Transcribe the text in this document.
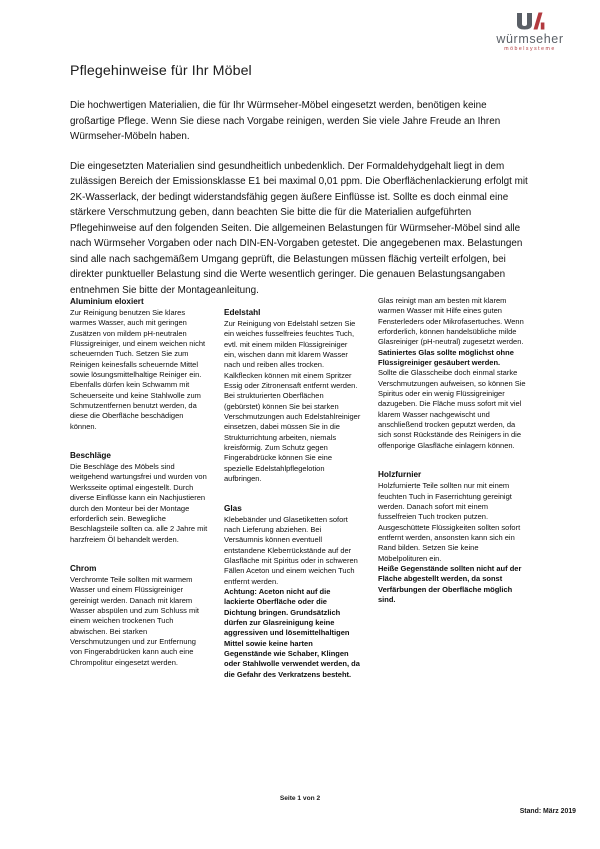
würmseher
möbelsysteme
Pflegehinweise für Ihr Möbel

Die hochwertigen Materialien, die für Ihr Würmseher-Möbel eingesetzt werden, benötigen keine großartige Pflege. Wenn Sie diese nach Vorgabe reinigen, werden Sie viele Jahre Freude an Ihren Würmseher-Möbeln haben.

Die eingesetzten Materialien sind gesundheitlich unbedenklich. Der Formaldehydgehalt liegt in dem zulässigen Bereich der Emissionsklasse E1 bei maximal 0,01 ppm. Die Oberflächenlackierung erfolgt mit 2K-Wasserlack, der bedingt widerstandsfähig gegen äußere Einflüsse ist. Sollte es doch einmal eine stärkere Verschmutzung geben, dann beachten Sie bitte die für die Materialien aufgeführten Pflegehinweise auf den folgenden Seiten. Die allgemeinen Belastungen für Würmseher-Möbel sind alle nach Würmseher Vorgaben oder nach DIN-EN-Vorgaben getestet. Die angegebenen max. Belastungen sind alle nach sachgemäßem Umgang geprüft, die Belastungen müssen flächig verteilt erfolgen, bei direkter punktueller Belastung sind die Werte wesentlich geringer. Die genauen Belastungsangaben entnehmen Sie bitte der Montageanleitung.

Aluminium eloxiert
Zur Reinigung benutzen Sie klares warmes Wasser, auch mit geringen Zusätzen von mildem pH-neutralen Flüssigreiniger, und einem weichen nicht scheuernden Tuch. Setzen Sie zum Reinigen keinesfalls scheuernde Mittel sowie lösungsmittelhaltige Reiniger ein. Ebenfalls dürfen kein Schwamm mit Scheuerseite und keine Stahlwolle zum Schmutzentfernen benutzt werden, da diese die Oberfläche beschädigen können.
Beschläge
Die Beschläge des Möbels sind weitgehend wartungsfrei und wurden von Werksseite optimal eingestellt. Durch diverse Einflüsse kann ein Nachjustieren durch den Monteur bei der Montage erforderlich sein. Bewegliche Beschlagsteile sollten ca. alle 2 Jahre mit harzfreiem Öl behandelt werden.
Chrom
Verchromte Teile sollten mit warmem Wasser und einem Flüssigreiniger gereinigt werden. Danach mit klarem Wasser abspülen und zum Schluss mit einem weichen trockenen Tuch abwischen. Bei starken Verschmutzungen und zur Entfernung von Fingerabdrücken kann auch eine Chrompolitur eingesetzt werden.
Edelstahl
Zur Reinigung von Edelstahl setzen Sie ein weiches fusselfreies feuchtes Tuch, evtl. mit einem milden Flüssigreiniger ein, wischen dann mit klarem Wasser nach und reiben alles trocken. Kalkflecken können mit einem Spritzer Essig oder Zitronensaft entfernt werden. Bei strukturierten Oberflächen (gebürstet) können Sie bei starken Verschmutzungen auch Edelstahlreiniger einsetzen, dabei müssen Sie in die Strukturrichtung arbeiten, niemals kreisförmig. Zum Schutz gegen Fingerabdrücke können Sie eine spezielle Edelstahlpflegelotion aufbringen.
Glas
Klebebänder und Glasetiketten sofort nach Lieferung abziehen. Bei Versäumnis können eventuell entstandene Kleberrückstände auf der Glasfläche mit Spiritus oder in schweren Fällen Aceton und einem weichen Tuch entfernt werden.
Achtung: Aceton nicht auf die lackierte Oberfläche oder die Dichtung bringen. Grundsätzlich dürfen zur Glasreinigung keine aggressiven und lösemittelhaltigen Mittel sowie keine harten Gegenstände wie Schaber, Klingen oder Stahlwolle verwendet werden, da die Gefahr des Verkratzens besteht.
Glas reinigt man am besten mit klarem warmen Wasser mit Hilfe eines guten Fensterleders oder Mikrofasertuches. Wenn erforderlich, können handelsübliche milde Glasreiniger (pH-neutral) zugesetzt werden. Satiniertes Glas sollte möglichst ohne Flüssigreiniger gesäubert werden.
Sollte die Glasscheibe doch einmal starke Verschmutzungen aufweisen, so können Sie Spiritus oder ein wenig Flüssigreiniger dazugeben. Die Fläche muss sofort mit viel klarem Wasser nachgewischt und anschließend trocken geputzt werden, da sich sonst Rückstände des Reinigers in die offenporige Glasfläche einlagern können.
Holzfurnier
Holzfurnierte Teile sollten nur mit einem feuchten Tuch in Faserrichtung gereinigt werden. Danach sofort mit einem fusselfreien Tuch trocken putzen. Ausgeschüttete Flüssigkeiten sollten sofort entfernt werden, ansonsten kann sich ein Rand bilden. Setzen Sie keine Möbelpolituren ein.
Heiße Gegenstände sollten nicht auf der Fläche abgestellt werden, da sonst Verfärbungen der Oberfläche möglich sind.
Seite 1 von 2
Stand: März 2019
